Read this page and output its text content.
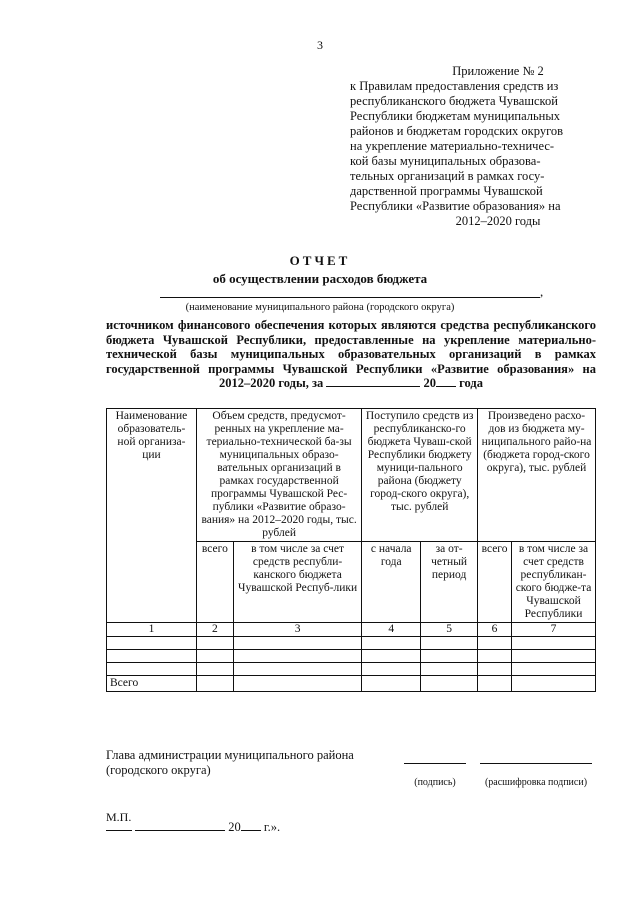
3
Приложение № 2
к Правилам предоставления средств из
республиканского бюджета Чувашской
Республики бюджетам муниципальных
районов и бюджетам городских округов
на укрепление материально-техничес-
кой базы муниципальных образова-
тельных организаций в рамках госу-
дарственной программы Чувашской
Республики «Развитие образования» на
2012–2020 годы
ОТЧЕТ
об осуществлении расходов бюджета
,
(наименование муниципального района (городского округа)
источником финансового обеспечения которых являются средства республиканского бюджета Чувашской Республики, предоставленные на укрепление материально-технической базы муниципальных образовательных организаций в рамках государственной программы Чувашской Республики «Развитие образования» на 2012–2020 годы, за	20 года
Наименование образователь-ной организа-ции	Объем средств, предусмот-ренных на укрепление ма-териально-технической ба-зы муниципальных образо-вательных организаций в рамках государственной программы Чувашской Рес-публики «Развитие образо-вания» на 2012–2020 годы, тыс. рублей		Поступило средств из республиканско-го бюджета Чуваш-ской Республики бюджету муници-пального района (бюджету город-ского округа), тыс. рублей		Произведено расхо-дов из бюджета му-ниципального райо-на (бюджета город-ского округа), тыс. рублей	
	всего	в том числе за счет средств республи-канского бюджета Чувашской Респуб-лики	с начала года	за от-четный период	всего	в том числе за счет средств республикан-ского бюдже-та Чувашской Республики
1	2	3	4	5	6	7

Всего						
Глава администрации муниципального района
(городского округа)
(подпись)	(расшифровка подписи)
М.П.
20 г.».
